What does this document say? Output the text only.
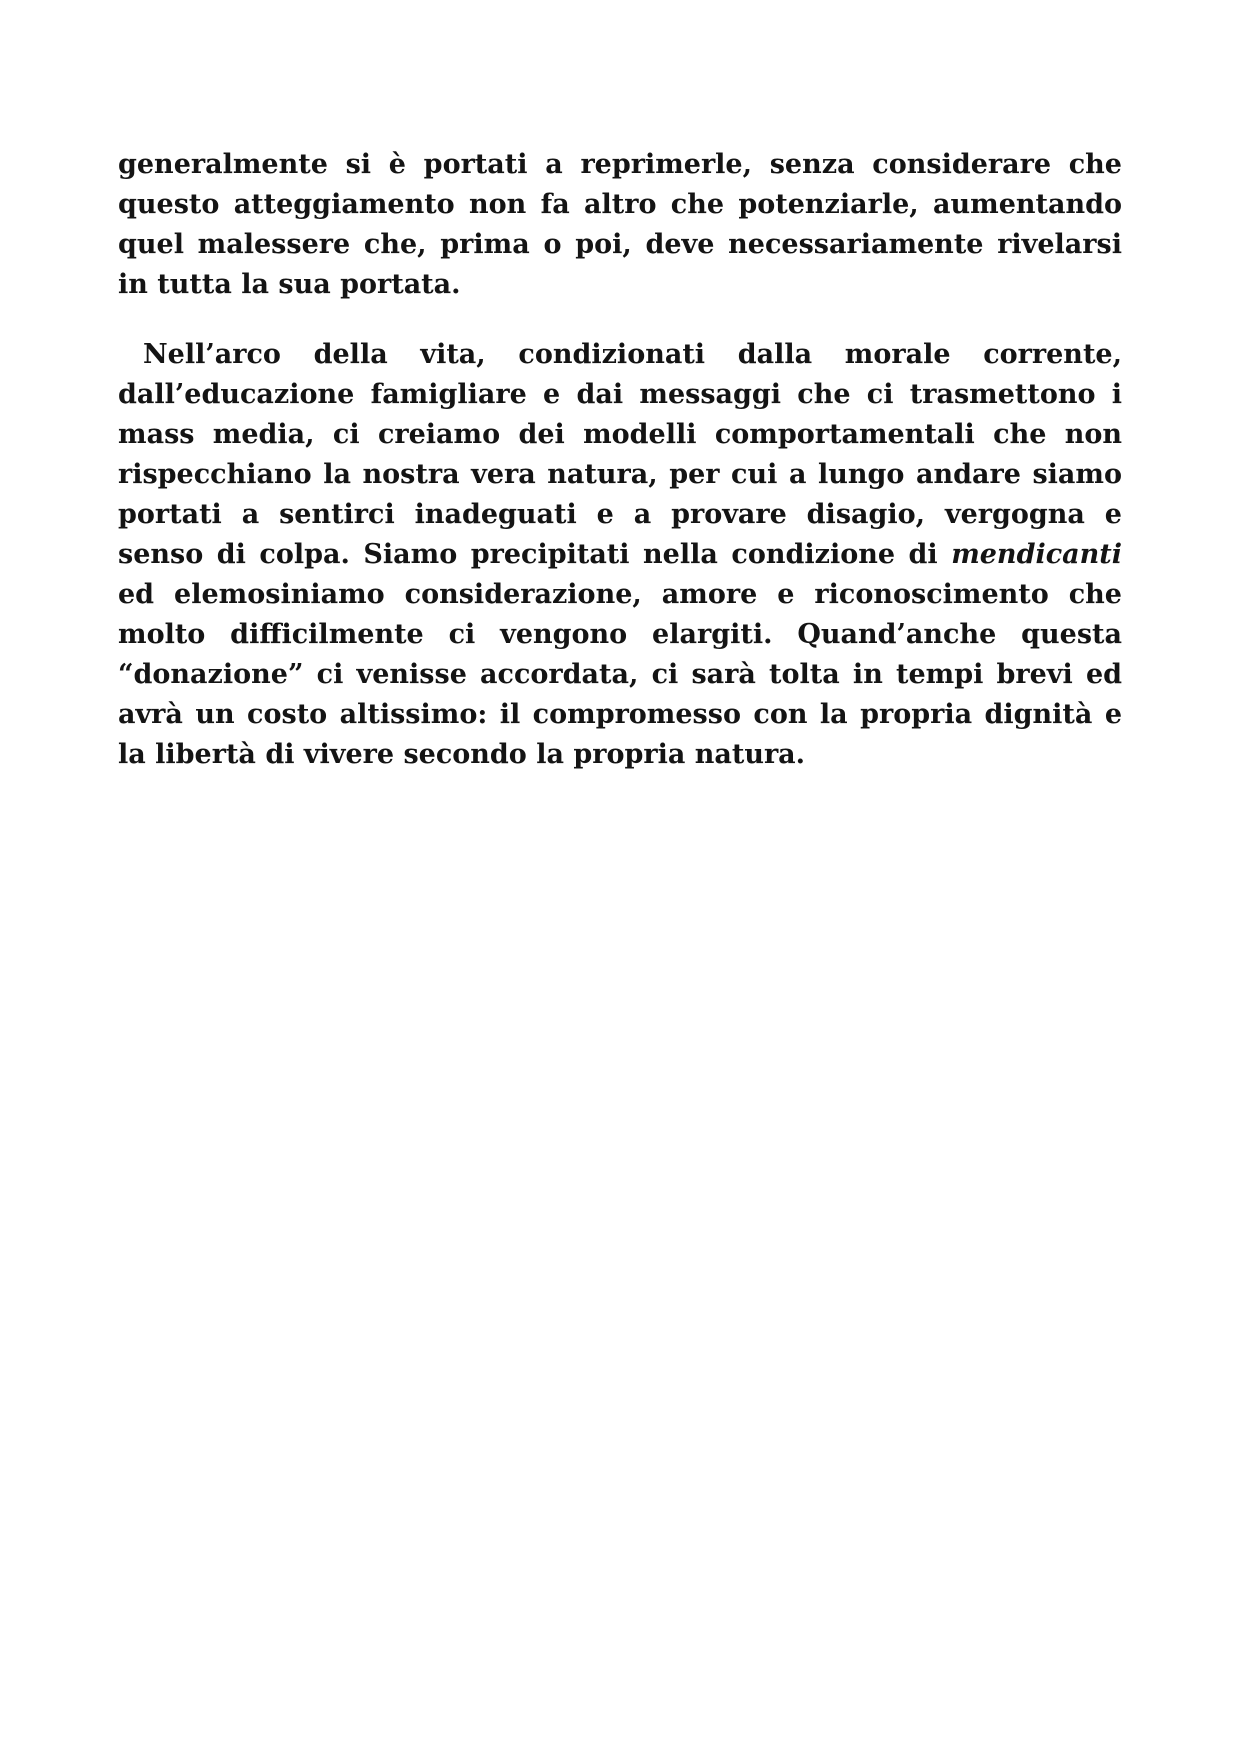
generalmente si è portati a reprimerle, senza considerare che questo atteggiamento non fa altro che potenziarle, aumentando quel malessere che, prima o poi, deve necessariamente rivelarsi in tutta la sua portata.

Nell’arco della vita, condizionati dalla morale corrente, dall’educazione famigliare e dai messaggi che ci trasmettono i mass media, ci creiamo dei modelli comportamentali che non rispecchiano la nostra vera natura, per cui a lungo andare siamo portati a sentirci inadeguati e a provare disagio, vergogna e senso di colpa. Siamo precipitati nella condizione di mendicanti ed elemosiniamo considerazione, amore e riconoscimento che molto difficilmente ci vengono elargiti. Quand’anche questa “donazione” ci venisse accordata, ci sarà tolta in tempi brevi ed avrà un costo altissimo: il compromesso con la propria dignità e la libertà di vivere secondo la propria natura.
